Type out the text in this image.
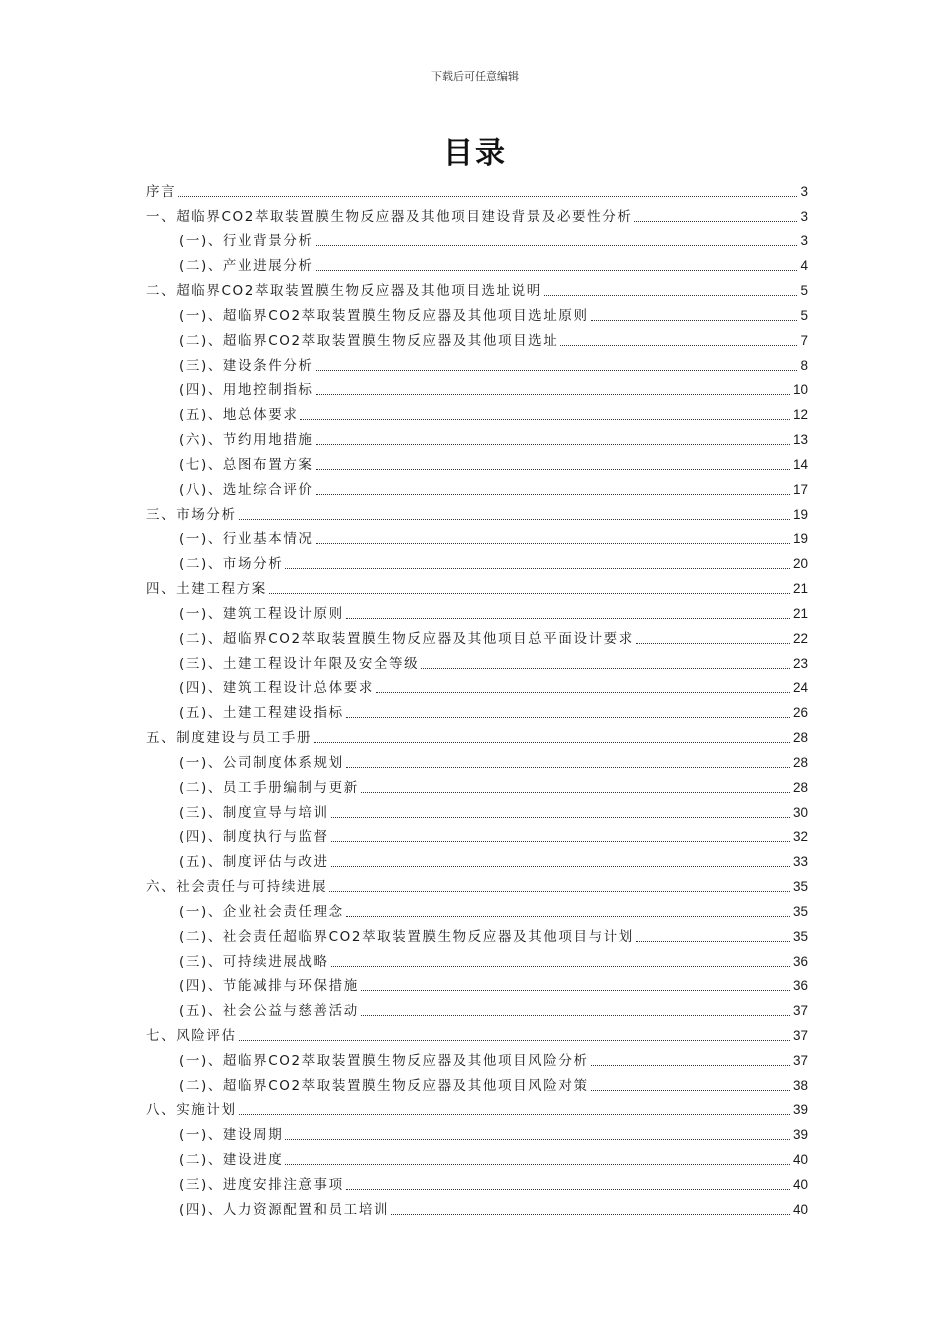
下载后可任意编辑
目录
序言	3
一、超临界CO2萃取装置膜生物反应器及其他项目建设背景及必要性分析	3
(一)、行业背景分析	3
(二)、产业进展分析	4
二、超临界CO2萃取装置膜生物反应器及其他项目选址说明	5
(一)、超临界CO2萃取装置膜生物反应器及其他项目选址原则	5
(二)、超临界CO2萃取装置膜生物反应器及其他项目选址	7
(三)、建设条件分析	8
(四)、用地控制指标	10
(五)、地总体要求	12
(六)、节约用地措施	13
(七)、总图布置方案	14
(八)、选址综合评价	17
三、市场分析	19
(一)、行业基本情况	19
(二)、市场分析	20
四、土建工程方案	21
(一)、建筑工程设计原则	21
(二)、超临界CO2萃取装置膜生物反应器及其他项目总平面设计要求	22
(三)、土建工程设计年限及安全等级	23
(四)、建筑工程设计总体要求	24
(五)、土建工程建设指标	26
五、制度建设与员工手册	28
(一)、公司制度体系规划	28
(二)、员工手册编制与更新	28
(三)、制度宣导与培训	30
(四)、制度执行与监督	32
(五)、制度评估与改进	33
六、社会责任与可持续进展	35
(一)、企业社会责任理念	35
(二)、社会责任超临界CO2萃取装置膜生物反应器及其他项目与计划	35
(三)、可持续进展战略	36
(四)、节能减排与环保措施	36
(五)、社会公益与慈善活动	37
七、风险评估	37
(一)、超临界CO2萃取装置膜生物反应器及其他项目风险分析	37
(二)、超临界CO2萃取装置膜生物反应器及其他项目风险对策	38
八、实施计划	39
(一)、建设周期	39
(二)、建设进度	40
(三)、进度安排注意事项	40
(四)、人力资源配置和员工培训	40
